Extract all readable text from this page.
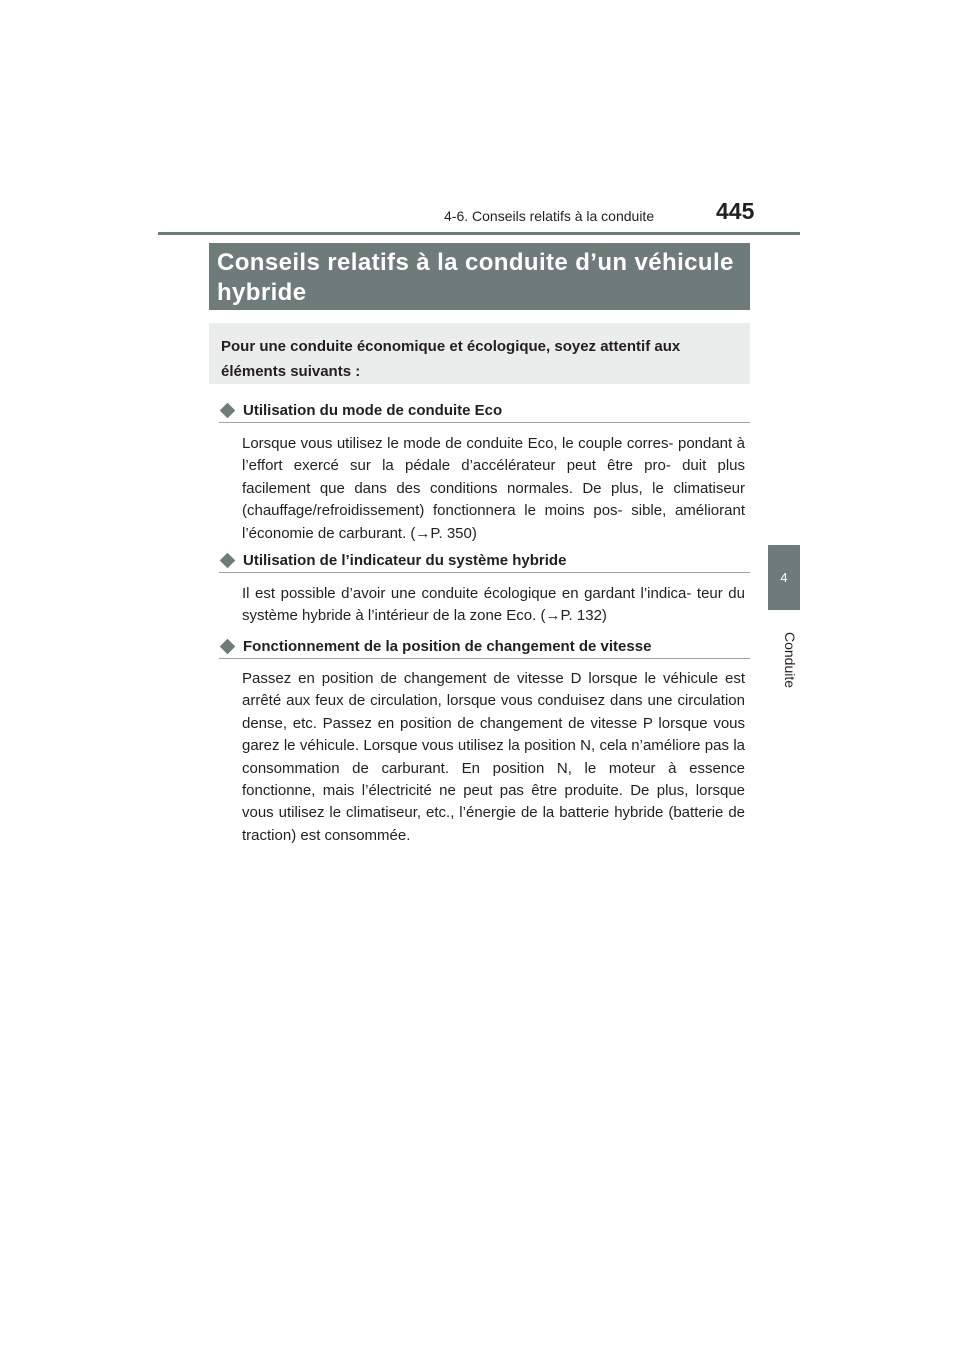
4-6. Conseils relatifs à la conduite	445
4
Conduite
Conseils relatifs à la conduite d’un véhicule hybride
Pour une conduite économique et écologique, soyez attentif aux éléments suivants :
Utilisation du mode de conduite Eco

Lorsque vous utilisez le mode de conduite Eco, le couple corres- pondant à l’effort exercé sur la pédale d’accélérateur peut être pro- duit plus facilement que dans des conditions normales. De plus, le climatiseur (chauffage/refroidissement) fonctionnera le moins pos- sible, améliorant l’économie de carburant. (→P. 350)

Utilisation de l’indicateur du système hybride

Il est possible d’avoir une conduite écologique en gardant l’indica- teur du système hybride à l’intérieur de la zone Eco. (→P. 132)

Fonctionnement de la position de changement de vitesse

Passez en position de changement de vitesse D lorsque le véhicule est arrêté aux feux de circulation, lorsque vous conduisez dans une circulation dense, etc. Passez en position de changement de vitesse P lorsque vous garez le véhicule. Lorsque vous utilisez la position N, cela n’améliore pas la consommation de carburant. En position N, le moteur à essence fonctionne, mais l’électricité ne peut pas être produite. De plus, lorsque vous utilisez le climatiseur, etc., l’énergie de la batterie hybride (batterie de traction) est consommée.
